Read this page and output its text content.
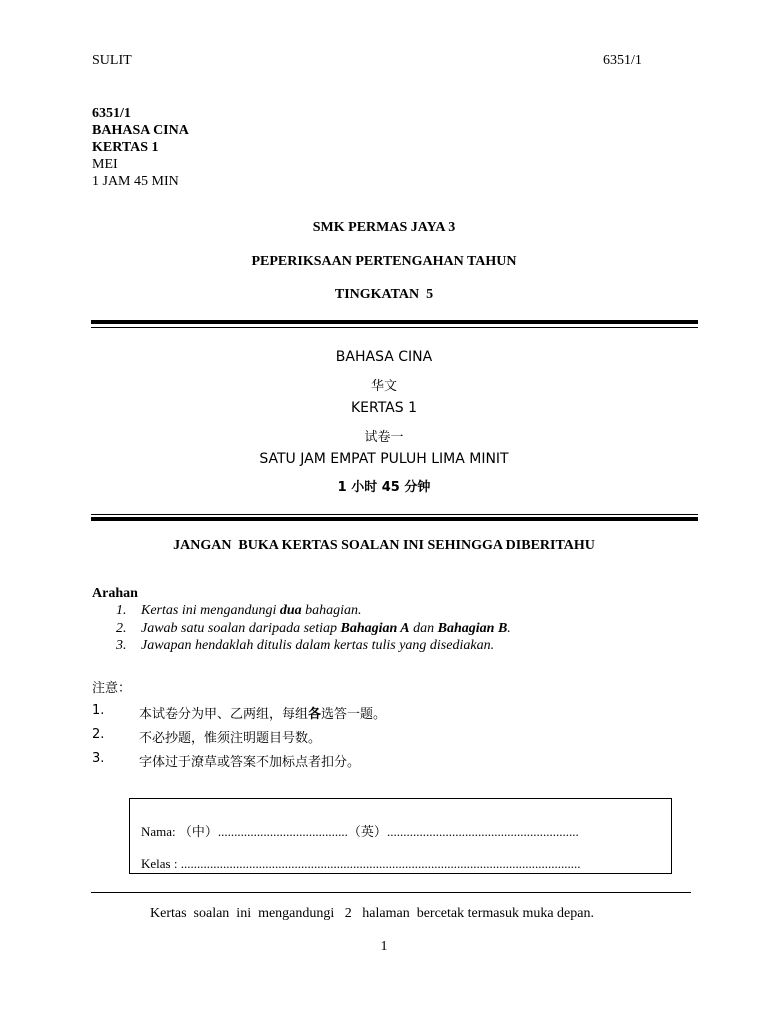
SULIT	6351/1
6351/1
BAHASA CINA
KERTAS 1
MEI
1 JAM 45 MIN
SMK PERMAS JAYA 3
PEPERIKSAAN PERTENGAHAN TAHUN
TINGKATAN  5
BAHASA CINA
华文
KERTAS 1
试卷一
SATU JAM EMPAT PULUH LIMA MINIT
1 小时 45 分钟
JANGAN  BUKA KERTAS SOALAN INI SEHINGGA DIBERITAHU
Arahan
1. Kertas ini mengandungi dua bahagian.
2. Jawab satu soalan daripada setiap Bahagian A dan Bahagian B.
3. Jawapan hendaklah ditulis dalam kertas tulis yang disediakan.
注意：
1.	本试卷分为甲、乙两组，每组各选答一题。
2.	不必抄题，惟须注明题目号数。
3.	字体过于潦草或答案不加标点者扣分。
Nama: （中）........................................（英）...........................................................
Kelas : ...........................................................................................................................
Kertas  soalan  ini  mengandungi 2 halaman  bercetak termasuk muka depan.
1
